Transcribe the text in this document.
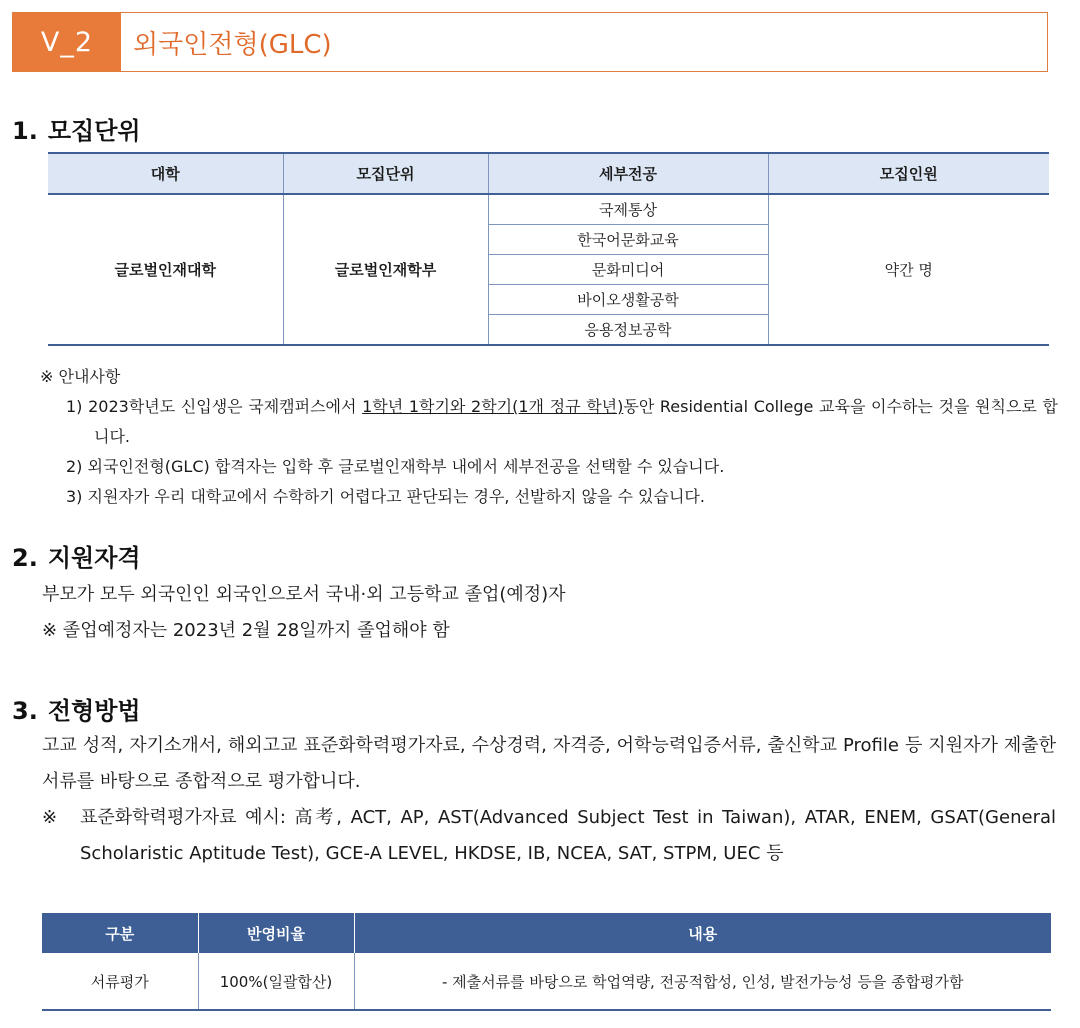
V_2	외국인전형(GLC)
1. 모집단위
대학	모집단위	세부전공	모집인원
글로벌인재대학	글로벌인재학부	국제통상	약간 명
		한국어문화교육	
		문화미디어	
		바이오생활공학	
		응용정보공학	
※ 안내사항
1) 2023학년도 신입생은 국제캠퍼스에서 1학년 1학기와 2학기(1개 정규 학년)동안 Residential College 교육을 이수하는 것을 원칙으로 합니다.
2) 외국인전형(GLC) 합격자는 입학 후 글로벌인재학부 내에서 세부전공을 선택할 수 있습니다.
3) 지원자가 우리 대학교에서 수학하기 어렵다고 판단되는 경우, 선발하지 않을 수 있습니다.
2. 지원자격
부모가 모두 외국인인 외국인으로서 국내·외 고등학교 졸업(예정)자
※ 졸업예정자는 2023년 2월 28일까지 졸업해야 함
3. 전형방법
고교 성적, 자기소개서, 해외고교 표준화학력평가자료, 수상경력, 자격증, 어학능력입증서류, 출신학교 Profile 등 지원자가 제출한 서류를 바탕으로 종합적으로 평가합니다.
※ 표준화학력평가자료 예시: 高考, ACT, AP, AST(Advanced Subject Test in Taiwan), ATAR, ENEM, GSAT(General Scholaristic Aptitude Test), GCE-A LEVEL, HKDSE, IB, NCEA, SAT, STPM, UEC 등
구분	반영비율	내용
서류평가	100%(일괄합산)	- 제출서류를 바탕으로 학업역량, 전공적합성, 인성, 발전가능성 등을 종합평가함
